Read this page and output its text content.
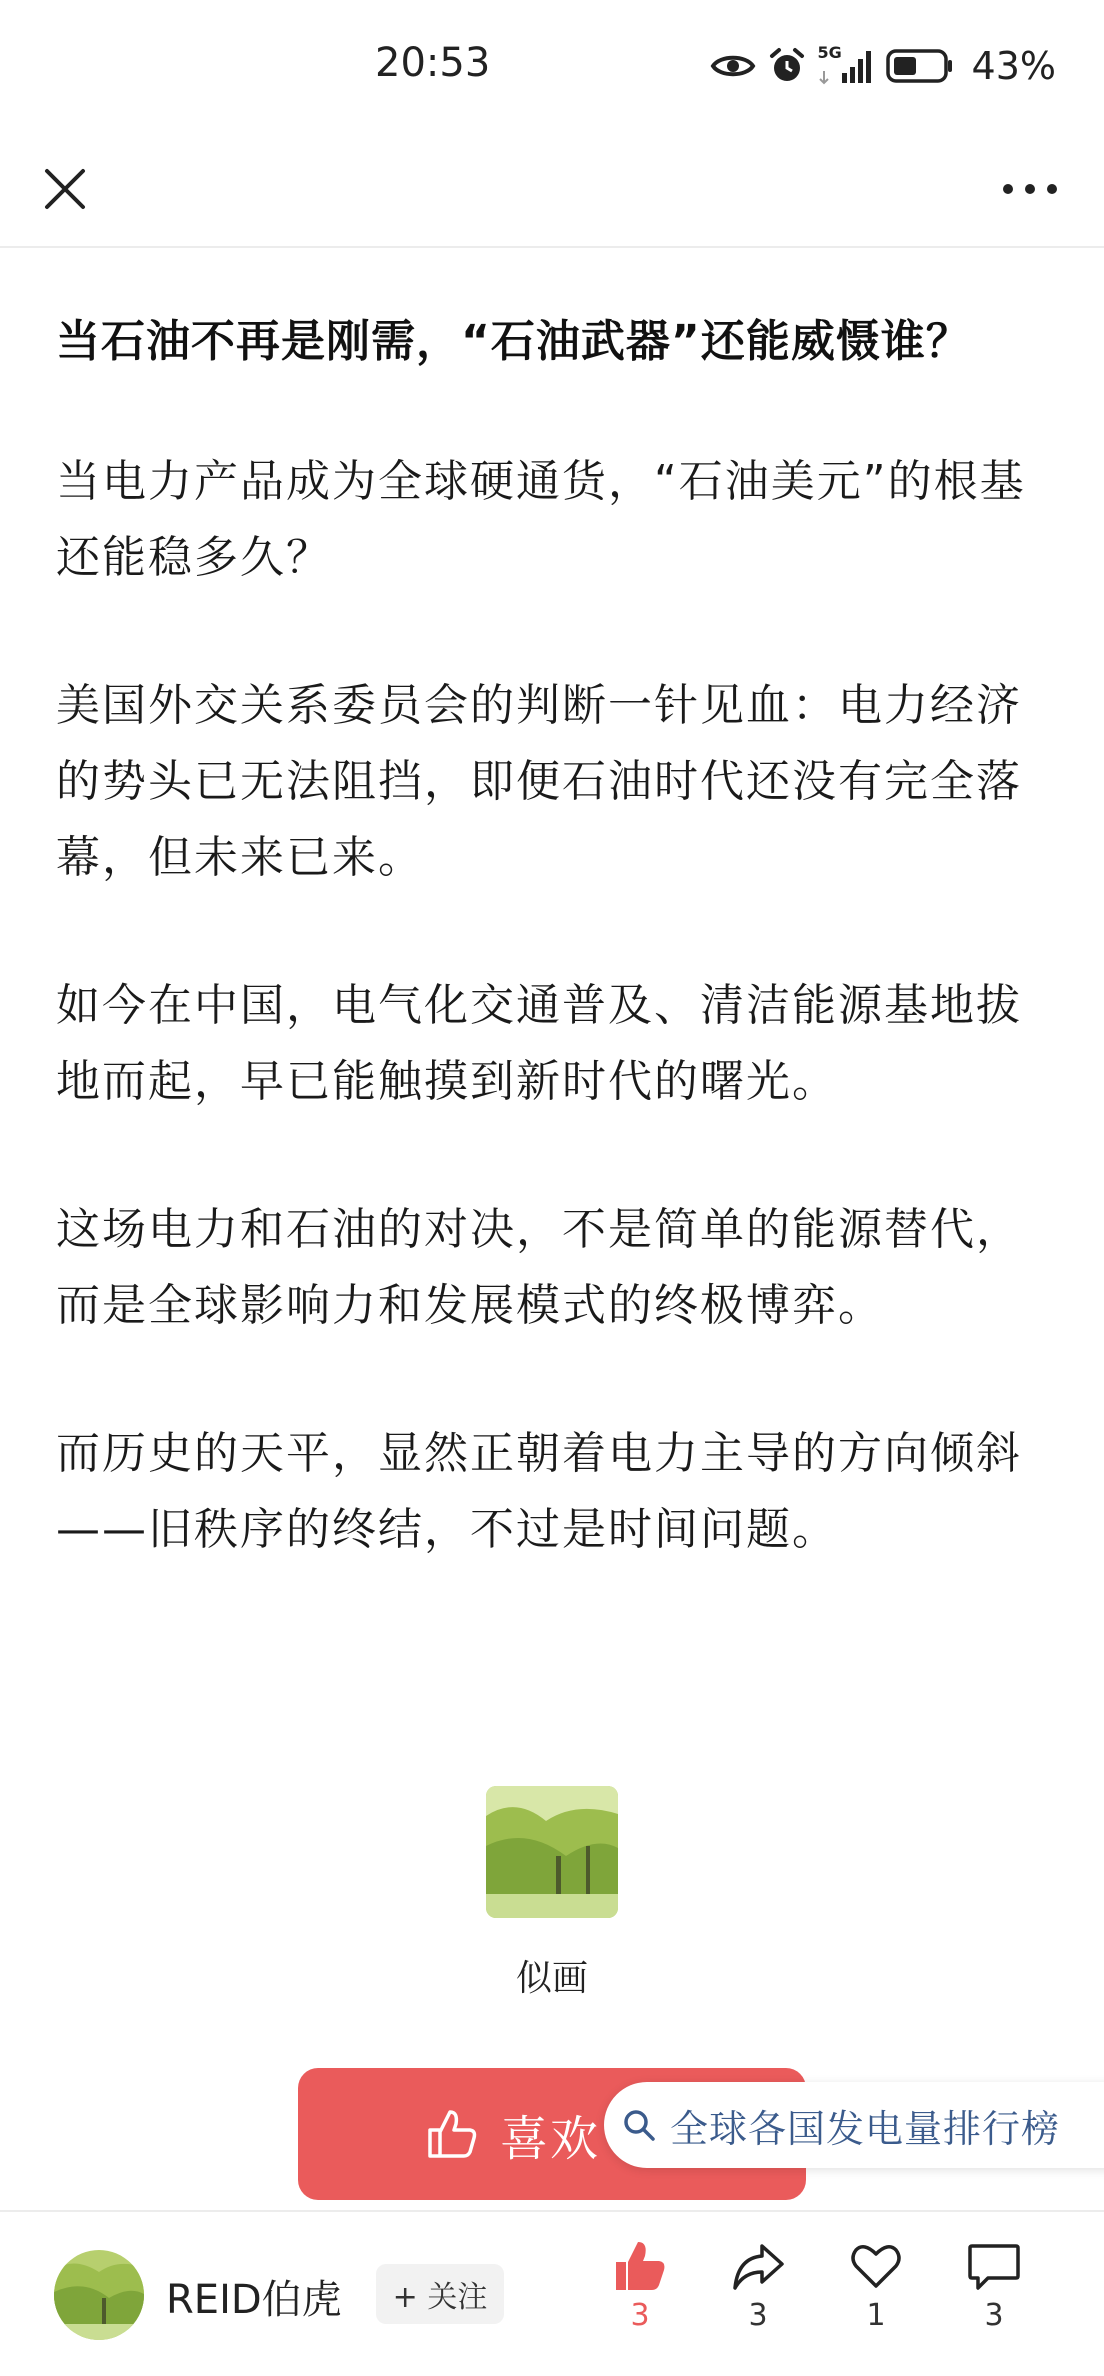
20:53	5G	43%
当石油不再是刚需，“石油武器”还能威慑谁？

当电力产品成为全球硬通货，“石油美元”的根基还能稳多久？

美国外交关系委员会的判断一针见血：电力经济的势头已无法阻挡，即便石油时代还没有完全落幕，但未来已来。

如今在中国，电气化交通普及、清洁能源基地拔地而起，早已能触摸到新时代的曙光。

这场电力和石油的对决，不是简单的能源替代，而是全球影响力和发展模式的终极博弈。

而历史的天平，显然正朝着电力主导的方向倾斜——旧秩序的终结，不过是时间问题。

似画
喜欢 全球各国发电量排行榜
REID伯虎	+ 关注
3	3	1	3
